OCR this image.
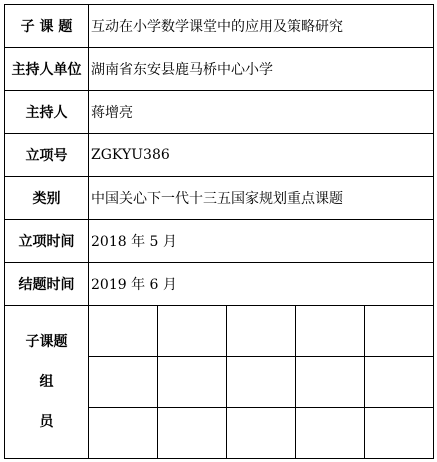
子 课 题	互动在小学数学课堂中的应用及策略研究				
主持人单位	湖南省东安县鹿马桥中心小学				
主持人	蒋增亮				
立项号	ZGKYU386				
类别	中国关心下一代十三五国家规划重点课题				
立项时间	2018 年 5 月				
结题时间	2019 年 6 月				

子课题
组员					
